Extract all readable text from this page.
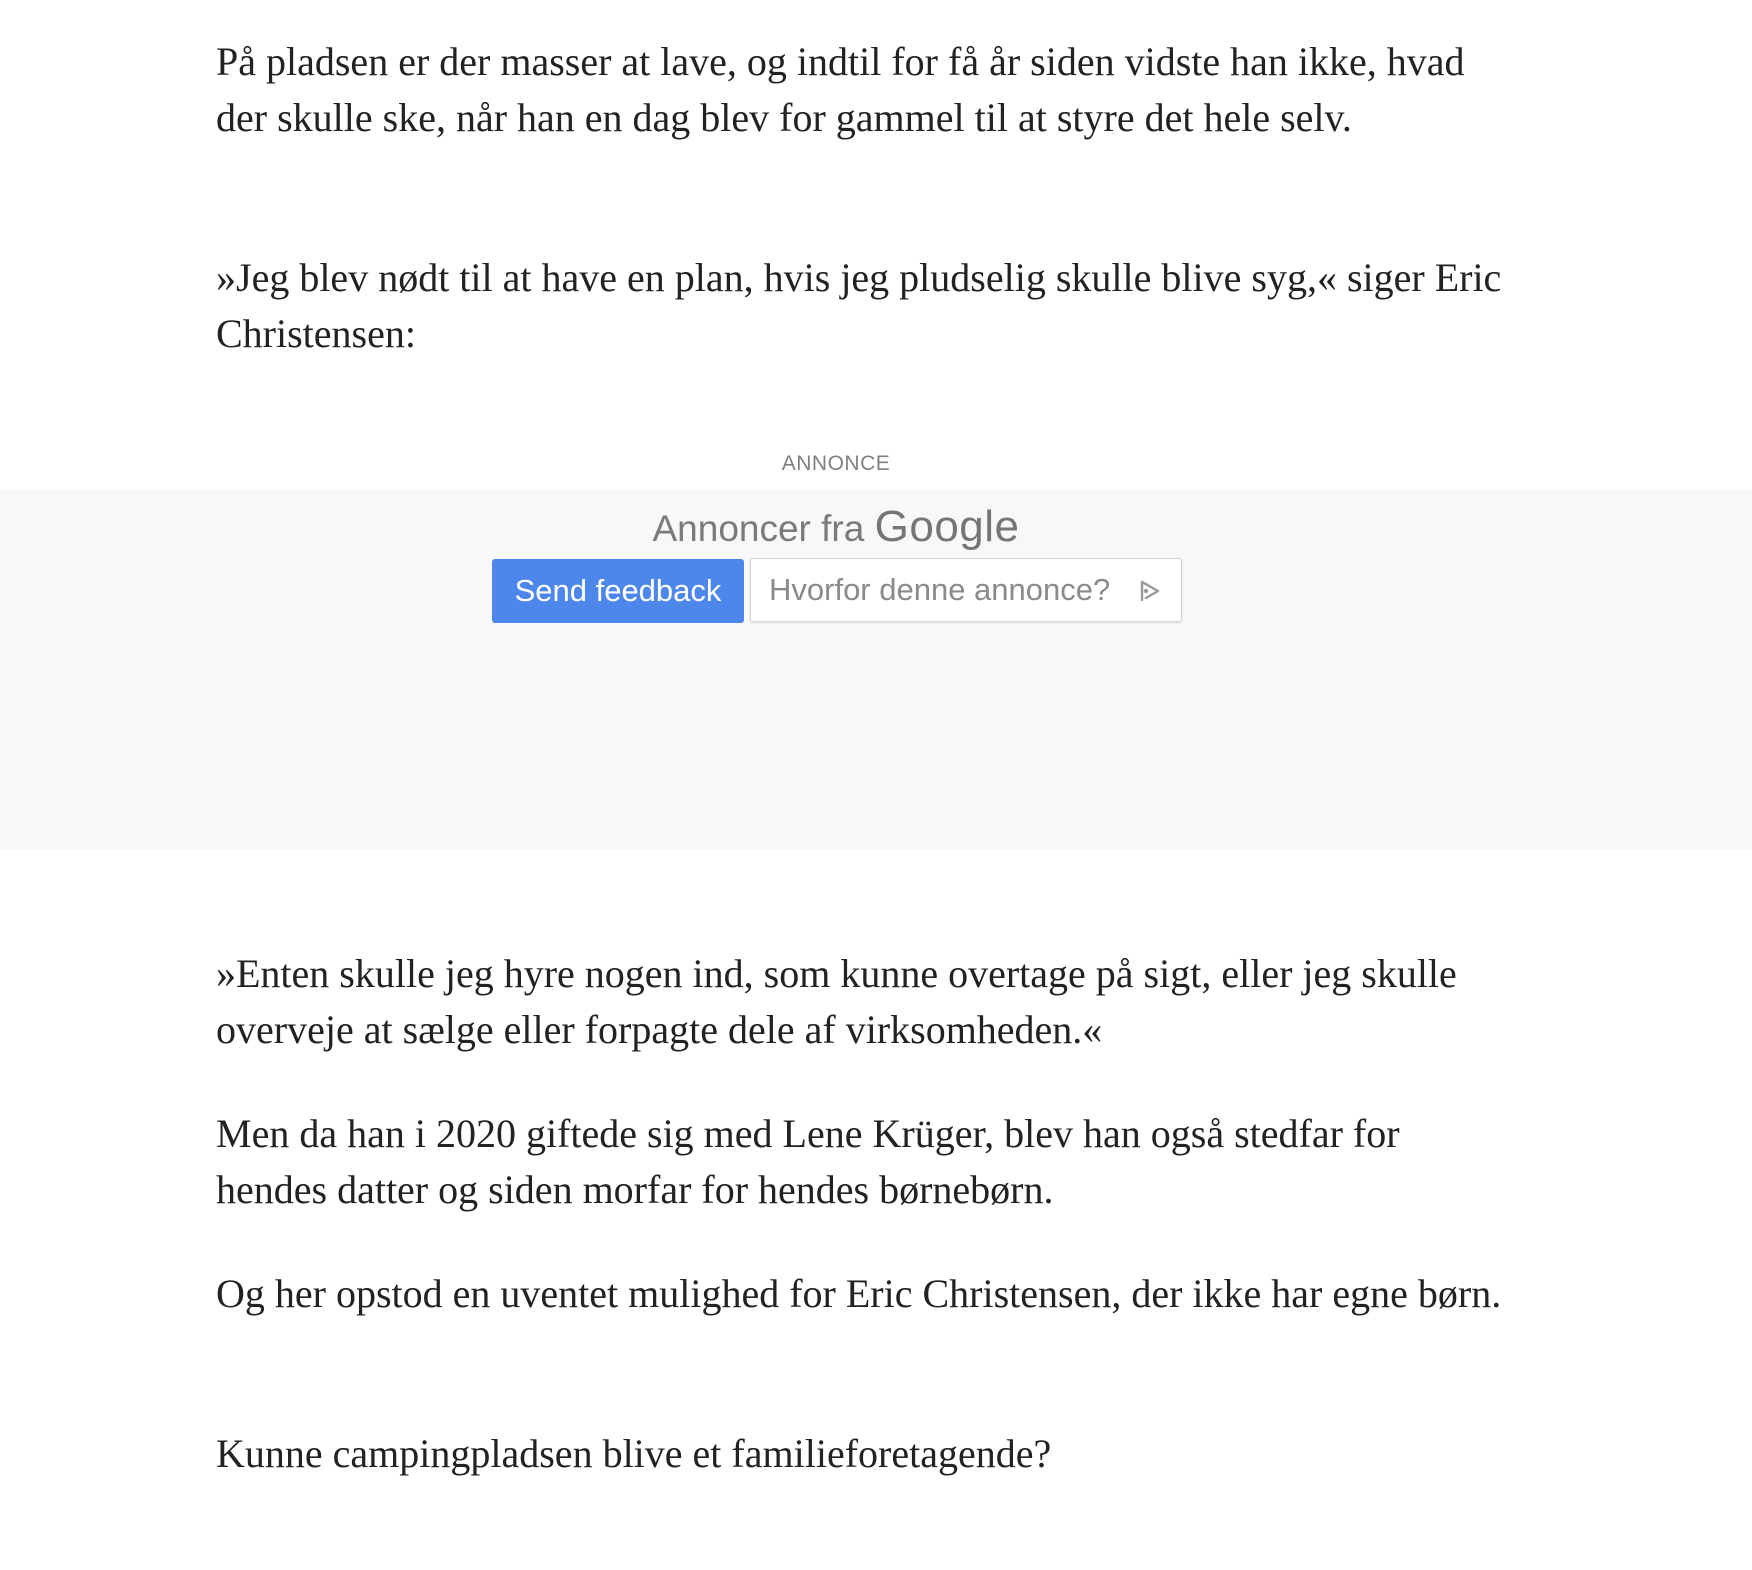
På pladsen er der masser at lave, og indtil for få år siden vidste han ikke, hvad der skulle ske, når han en dag blev for gammel til at styre det hele selv.

»Jeg blev nødt til at have en plan, hvis jeg pludselig skulle blive syg,« siger Eric Christensen:

»Enten skulle jeg hyre nogen ind, som kunne overtage på sigt, eller jeg skulle overveje at sælge eller forpagte dele af virksomheden.«

Men da han i 2020 giftede sig med Lene Krüger, blev han også stedfar for hendes datter og siden morfar for hendes børnebørn.

Og her opstod en uventet mulighed for Eric Christensen, der ikke har egne børn.

Kunne campingpladsen blive et familieforetagende?

ANNONCE
Annoncer fra Google
Send feedback	Hvorfor denne annonce?
